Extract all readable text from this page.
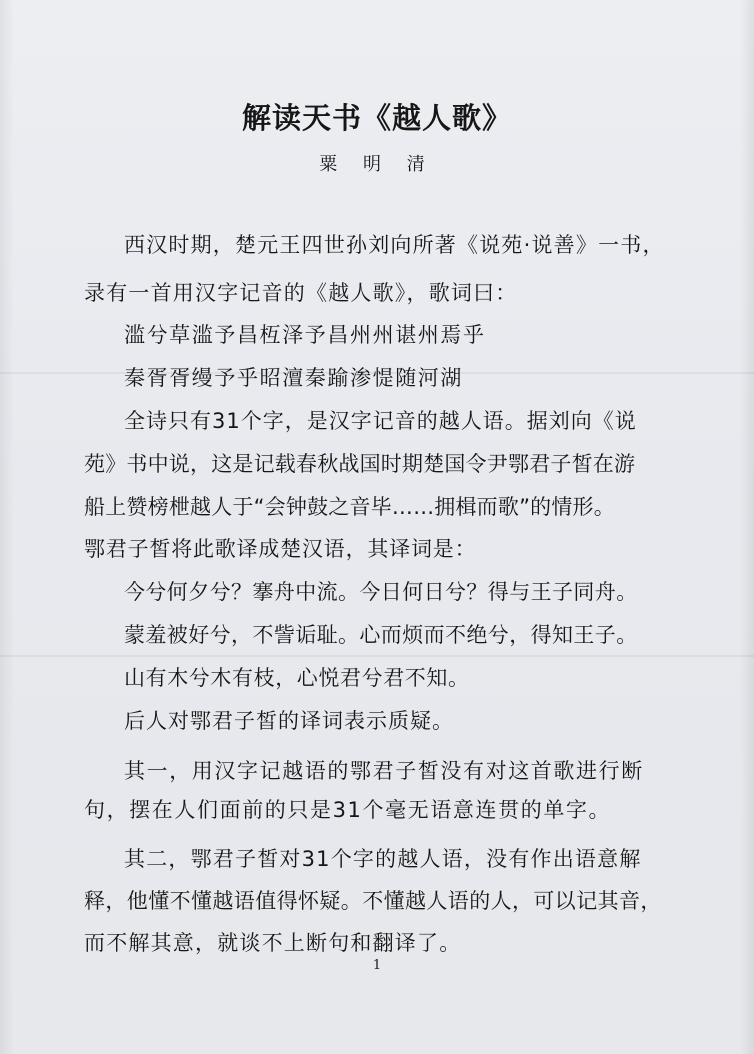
解读天书《越人歌》
粟 明 清
西汉时期，楚元王四世孙刘向所著《说苑·说善》一书，
录有一首用汉字记音的《越人歌》，歌词曰：
滥兮草滥予昌枑泽予昌州州谌州焉乎
秦胥胥缦予乎昭澶秦踰渗惿随河湖
全诗只有31个字，是汉字记音的越人语。据刘向《说
苑》书中说，这是记载春秋战国时期楚国令尹鄂君子皙在游
船上赞榜枻越人于“会钟鼓之音毕……拥楫而歌”的情形。
鄂君子皙将此歌译成楚汉语，其译词是：
今兮何夕兮？搴舟中流。今日何日兮？得与王子同舟。
蒙羞被好兮，不訾诟耻。心而烦而不绝兮，得知王子。
山有木兮木有枝，心悦君兮君不知。
后人对鄂君子皙的译词表示质疑。
其一，用汉字记越语的鄂君子皙没有对这首歌进行断
句，摆在人们面前的只是31个毫无语意连贯的单字。
其二，鄂君子皙对31个字的越人语，没有作出语意解
释，他懂不懂越语值得怀疑。不懂越人语的人，可以记其音，
而不解其意，就谈不上断句和翻译了。
1
